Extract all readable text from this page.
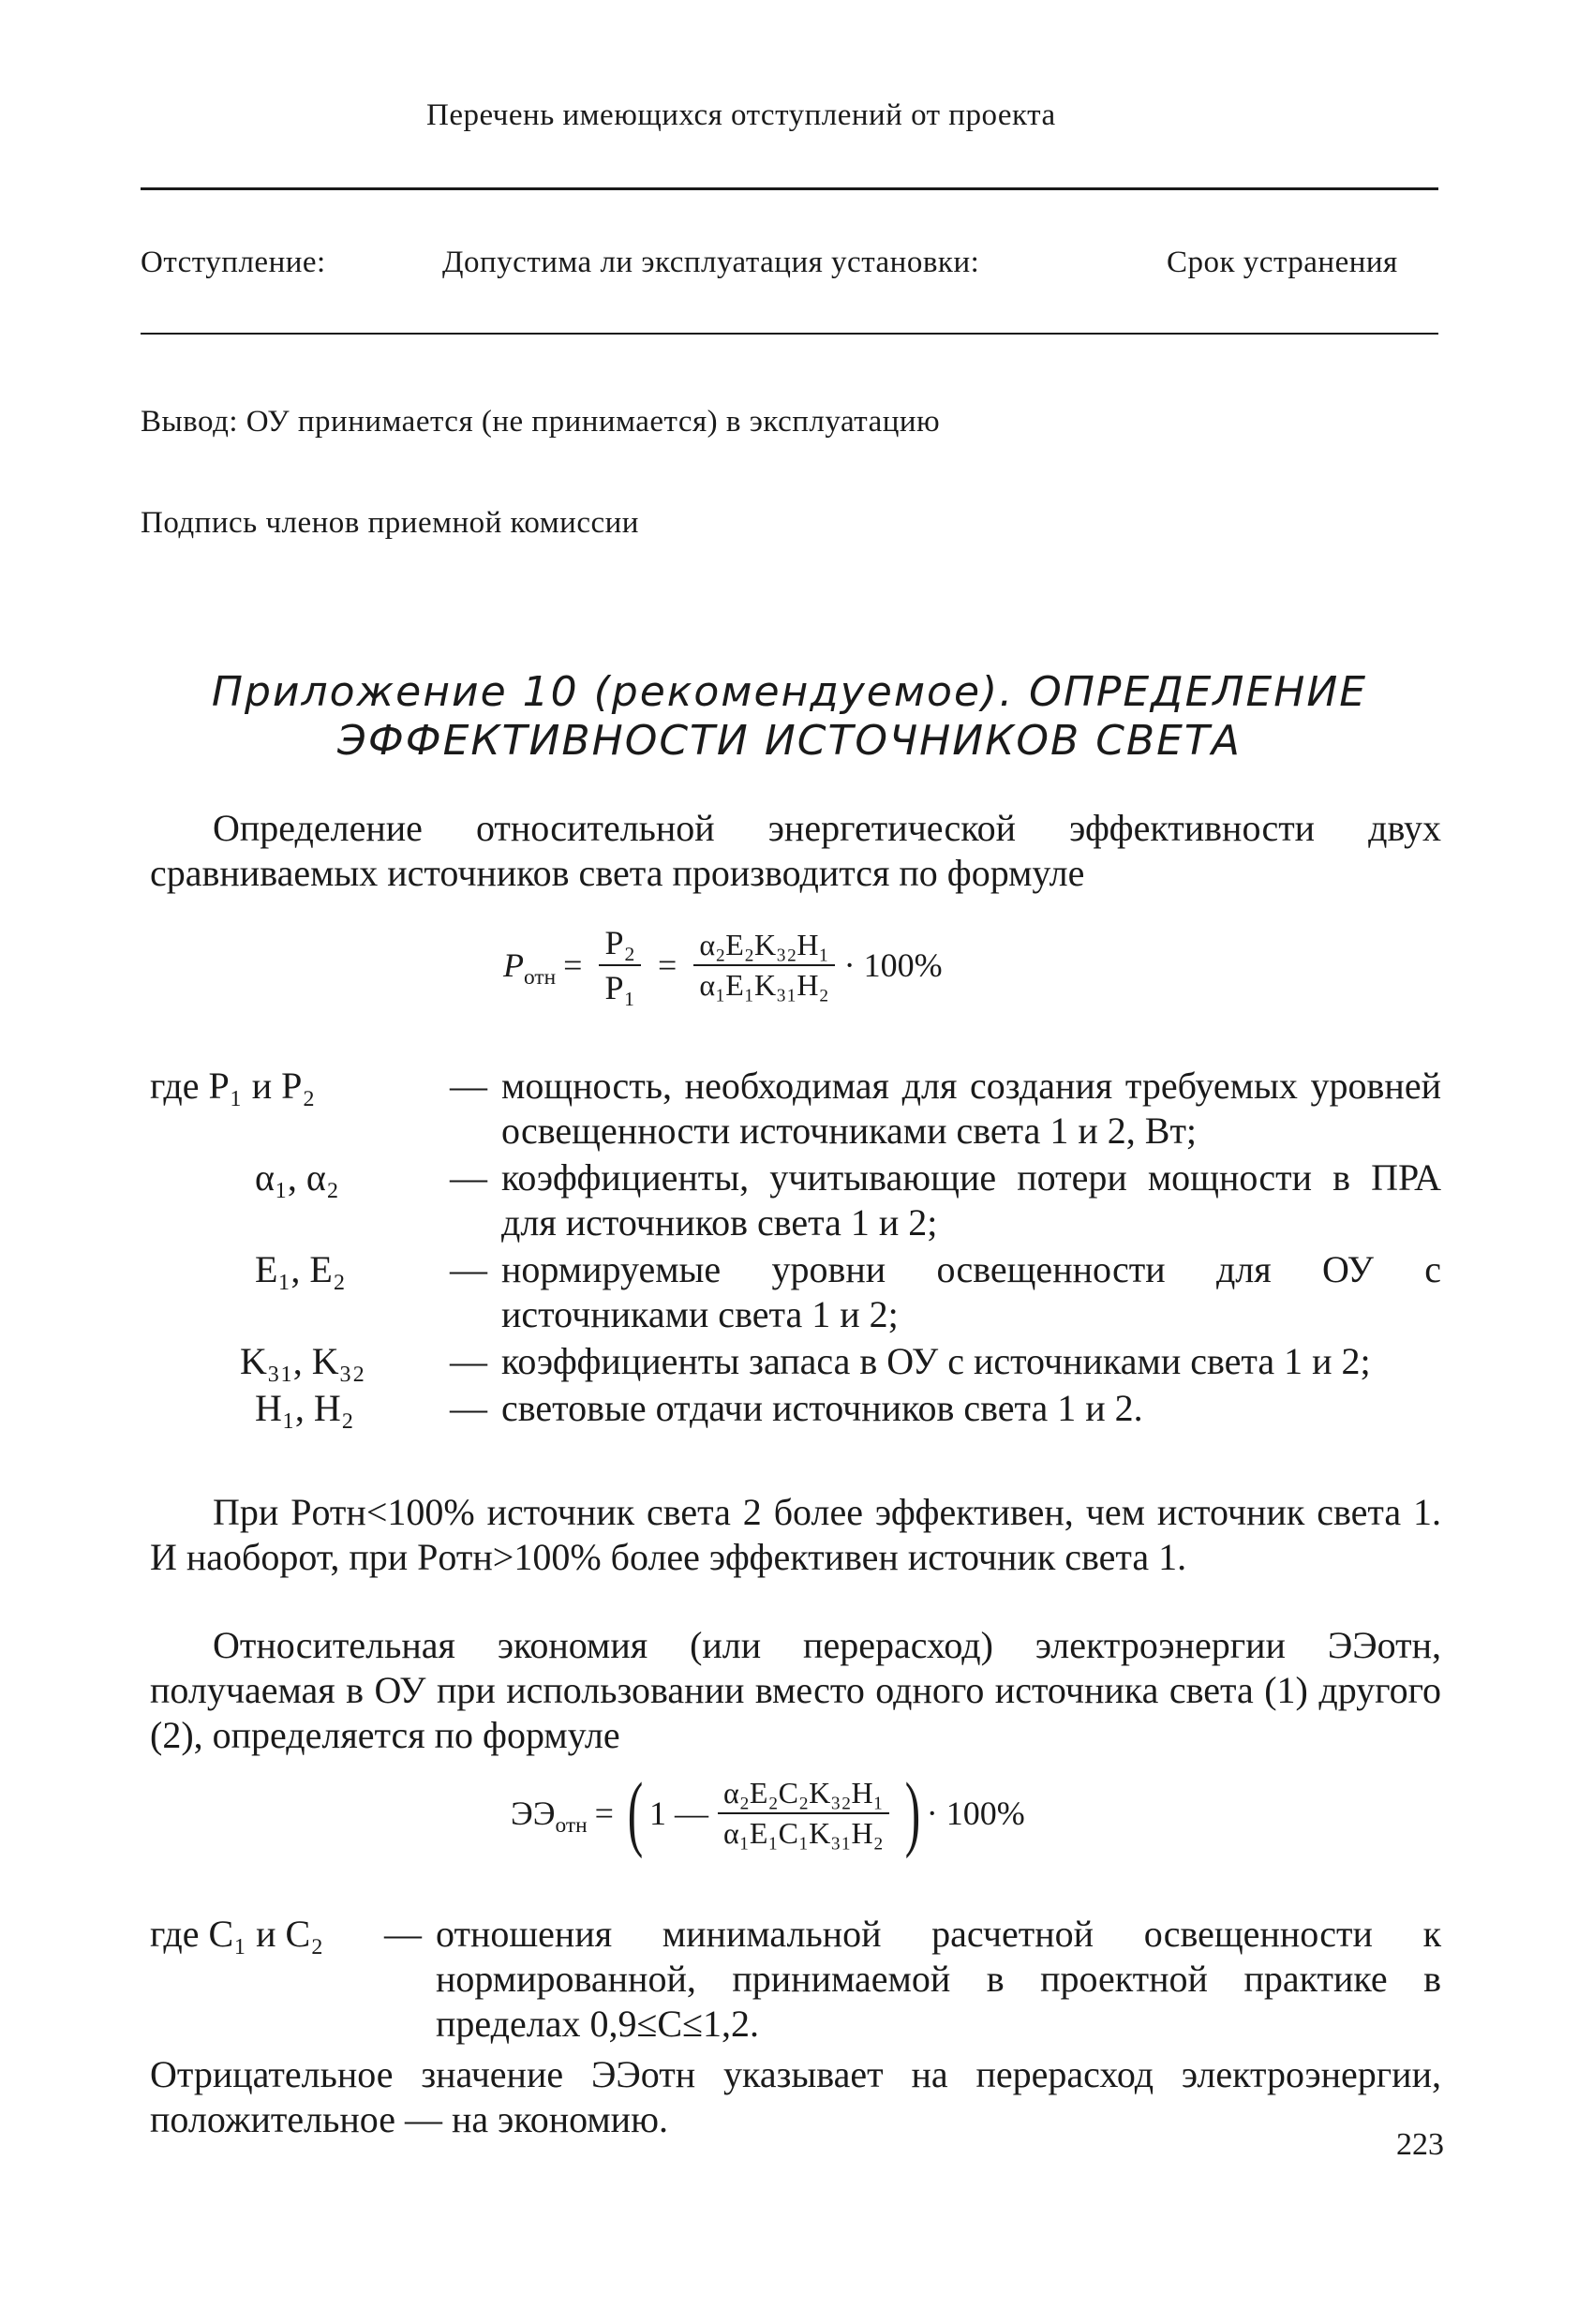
Перечень имеющихся отступлений от проекта
Отступление:	Допустима ли эксплуатация установки:	Срок устранения
Вывод: ОУ принимается (не принимается) в эксплуатацию
Подпись членов приемной комиссии
Приложение 10 (рекомендуемое). ОПРЕДЕЛЕНИЕ
ЭФФЕКТИВНОСТИ ИСТОЧНИКОВ СВЕТА
Определение относительной энергетической эффективности двух сравниваемых источников света производится по формуле
$P_{отн} = \frac{\text{P₂}}{\text{P₁}} = \frac{\text{α₂E₂K₃₂H₁}}{\text{α₁E₁K₃₁H₂}} \cdot 100\%$
где P₁ и P₂	— мощность, необходимая для создания требуемых уровней освещенности источниками света 1 и 2, Вт;
α₁, α₂	— коэффициенты, учитывающие потери мощности в ПРА для источников света 1 и 2;
E₁, E₂	— нормируемые уровни освещенности для ОУ с источниками света 1 и 2;
K₃₁, K₃₂ — коэффициенты запаса в ОУ с источниками света 1 и 2;
H₁, H₂	— световые отдачи источников света 1 и 2.
При Pотн<100% источник света 2 более эффективен, чем источник света 1. И наоборот, при Pотн>100% более эффективен источник света 1.
Относительная экономия (или перерасход) электроэнергии ЭЭотн, получаемая в ОУ при использовании вместо одного источника света (1) другого (2), определяется по формуле
$ЭЭ_{отн}$ = ( 1 — $\frac{\text{α₂E₂C₂K₃₂H₁}}{\text{α₁E₁C₁K₃₁H₂}}$ ) · 100%
где C₁ и C₂ — отношения минимальной расчетной освещенности к нормированной, принимаемой в проектной практике в пределах 0,9≤C≤1,2.
Отрицательное значение ЭЭотн указывает на перерасход электроэнергии, положительное — на экономию.
223
